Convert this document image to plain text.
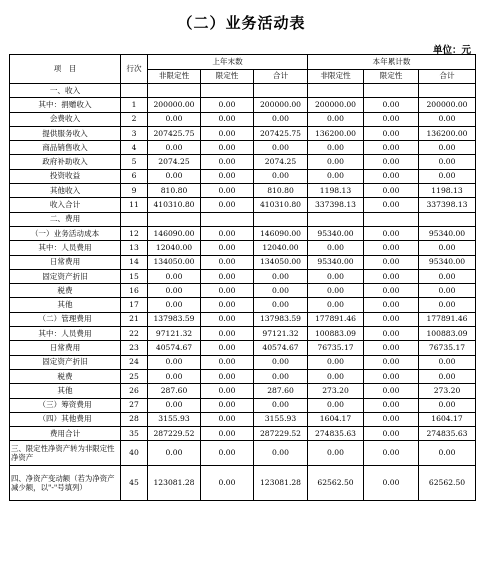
（二）业务活动表
单位：元
项　目	行次	上年末数			本年累计数		
		非限定性	限定性	合计	非限定性	限定性	合计
一、收入							
其中：捐赠收入	1	200000.00	0.00	200000.00	200000.00	0.00	200000.00
会费收入	2	0.00	0.00	0.00	0.00	0.00	0.00
提供服务收入	3	207425.75	0.00	207425.75	136200.00	0.00	136200.00
商品销售收入	4	0.00	0.00	0.00	0.00	0.00	0.00
政府补助收入	5	2074.25	0.00	2074.25	0.00	0.00	0.00
投资收益	6	0.00	0.00	0.00	0.00	0.00	0.00
其他收入	9	810.80	0.00	810.80	1198.13	0.00	1198.13
收入合计	11	410310.80	0.00	410310.80	337398.13	0.00	337398.13
二、费用							
（一）业务活动成本	12	146090.00	0.00	146090.00	95340.00	0.00	95340.00
其中：人员费用	13	12040.00	0.00	12040.00	0.00	0.00	0.00
日常费用	14	134050.00	0.00	134050.00	95340.00	0.00	95340.00
固定资产折旧	15	0.00	0.00	0.00	0.00	0.00	0.00
税费	16	0.00	0.00	0.00	0.00	0.00	0.00
其他	17	0.00	0.00	0.00	0.00	0.00	0.00
（二）管理费用	21	137983.59	0.00	137983.59	177891.46	0.00	177891.46
其中：人员费用	22	97121.32	0.00	97121.32	100883.09	0.00	100883.09
日常费用	23	40574.67	0.00	40574.67	76735.17	0.00	76735.17
固定资产折旧	24	0.00	0.00	0.00	0.00	0.00	0.00
税费	25	0.00	0.00	0.00	0.00	0.00	0.00
其他	26	287.60	0.00	287.60	273.20	0.00	273.20
（三）筹资费用	27	0.00	0.00	0.00	0.00	0.00	0.00
（四）其他费用	28	3155.93	0.00	3155.93	1604.17	0.00	1604.17
费用合计	35	287229.52	0.00	287229.52	274835.63	0.00	274835.63
三、限定性净资产转为非限定性净资产	40	0.00	0.00	0.00	0.00	0.00	0.00
四、净资产变动额（若为净资产减少额，以"-"号填列）	45	123081.28	0.00	123081.28	62562.50	0.00	62562.50
